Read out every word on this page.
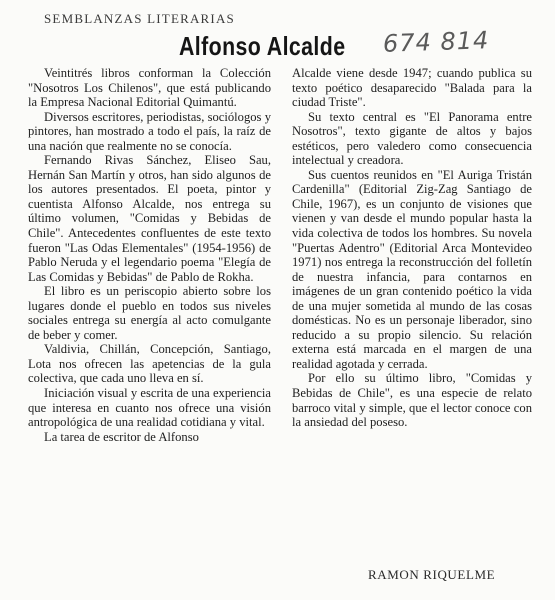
SEMBLANZAS LITERARIAS
Alfonso Alcalde 674 814

Veintitrés libros conforman la Colección "Nosotros Los Chilenos", que está publicando la Empresa Nacional Editorial Quimantú.

Diversos escritores, periodistas, sociólogos y pintores, han mostrado a todo el país, la raíz de una nación que realmente no se conocía.

Fernando Rivas Sánchez, Eliseo Sau, Hernán San Martín y otros, han sido algunos de los autores presentados. El poeta, pintor y cuentista Alfonso Alcalde, nos entrega su último volumen, "Comidas y Bebidas de Chile". Antecedentes confluentes de este texto fueron "Las Odas Elementales" (1954-1956) de Pablo Neruda y el legendario poema "Elegía de Las Comidas y Bebidas" de Pablo de Rokha.

El libro es un periscopio abierto sobre los lugares donde el pueblo en todos sus niveles sociales entrega su energía al acto comulgante de beber y comer.

Valdivia, Chillán, Concepción, Santiago, Lota nos ofrecen las apetencias de la gula colectiva, que cada uno lleva en sí.

Iniciación visual y escrita de una experiencia que interesa en cuanto nos ofrece una visión antropológica de una realidad cotidiana y vital.

La tarea de escritor de Alfonso

Alcalde viene desde 1947; cuando publica su texto poético desaparecido "Balada para la ciudad Triste".

Su texto central es "El Panorama entre Nosotros", texto gigante de altos y bajos estéticos, pero valedero como consecuencia intelectual y creadora.

Sus cuentos reunidos en "El Auriga Tristán Cardenilla" (Editorial Zig-Zag Santiago de Chile, 1967), es un conjunto de visiones que vienen y van desde el mundo popular hasta la vida colectiva de todos los hombres. Su novela "Puertas Adentro" (Editorial Arca Montevideo 1971) nos entrega la reconstrucción del folletín de nuestra infancia, para contarnos en imágenes de un gran contenido poético la vida de una mujer sometida al mundo de las cosas domésticas. No es un personaje liberador, sino reducido a su propio silencio. Su relación externa está marcada en el margen de una realidad agotada y cerrada.

Por ello su último libro, "Comidas y Bebidas de Chile", es una especie de relato barroco vital y simple, que el lector conoce con la ansiedad del poseso.

RAMON RIQUELME
